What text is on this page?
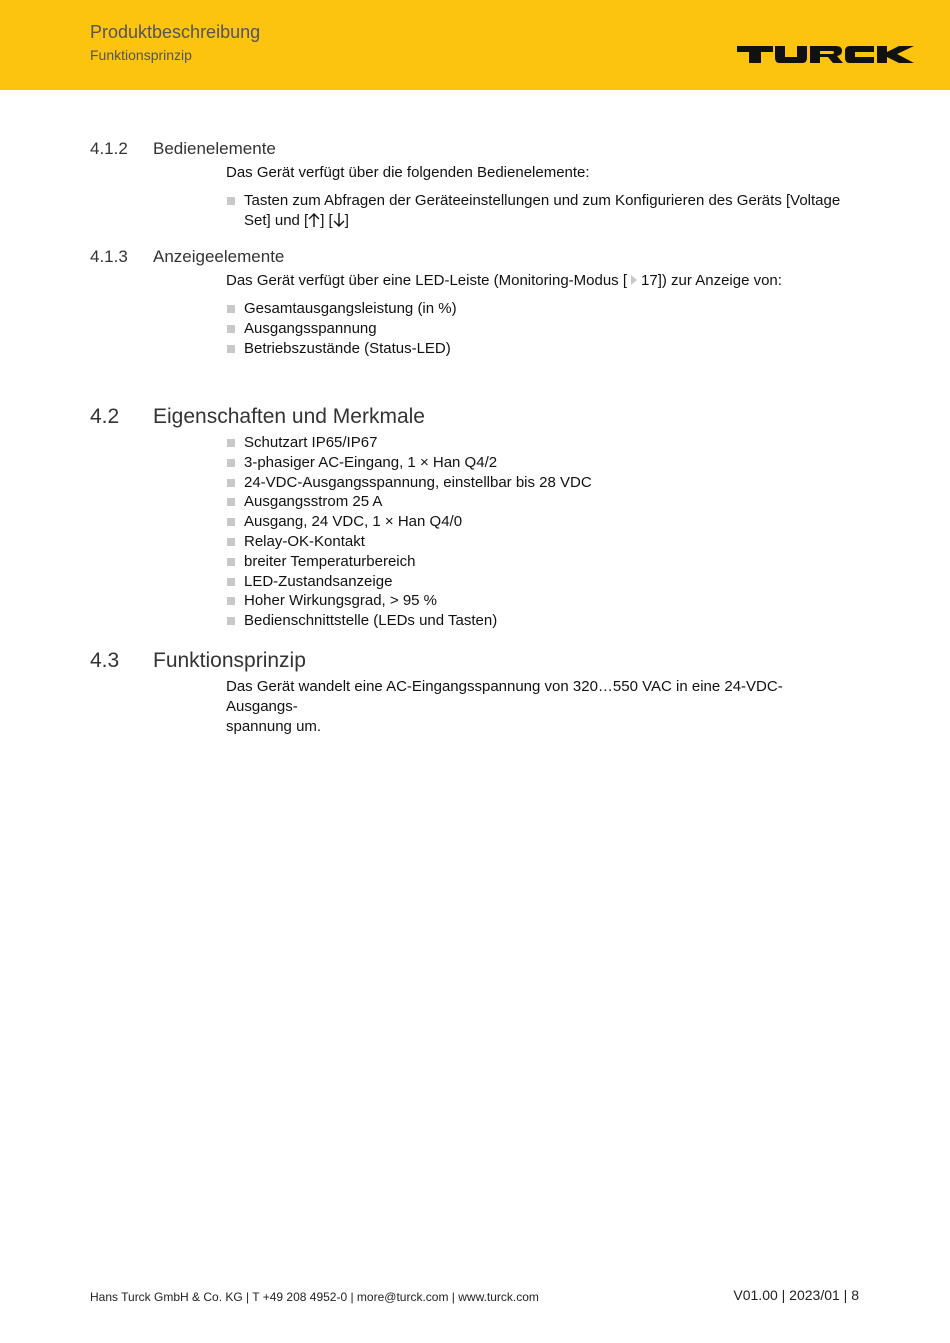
Produktbeschreibung
Funktionsprinzip
4.1.2 Bedienelemente
Das Gerät verfügt über die folgenden Bedienelemente:
Tasten zum Abfragen der Geräteeinstellungen und zum Konfigurieren des Geräts [Voltage
Set] und [ ] [ ]
4.1.3 Anzeigeelemente
Das Gerät verfügt über eine LED-Leiste (Monitoring-Modus [ 17]) zur Anzeige von:
Gesamtausgangsleistung (in %)
Ausgangsspannung
Betriebszustände (Status-LED)
4.2 Eigenschaften und Merkmale
Schutzart IP65/IP67
3-phasiger AC-Eingang, 1 × Han Q4/2
24-VDC-Ausgangsspannung, einstellbar bis 28 VDC
Ausgangsstrom 25 A
Ausgang, 24 VDC, 1 × Han Q4/0
Relay-OK-Kontakt
breiter Temperaturbereich
LED-Zustandsanzeige
Hoher Wirkungsgrad, > 95 %
Bedienschnittstelle (LEDs und Tasten)
4.3 Funktionsprinzip
Das Gerät wandelt eine AC-Eingangsspannung von 320…550 VAC in eine 24-VDC-Ausgangs-
spannung um.
Hans Turck GmbH & Co. KG | T +49 208 4952-0 | more@turck.com | www.turck.com	V01.00 | 2023/01 | 8
